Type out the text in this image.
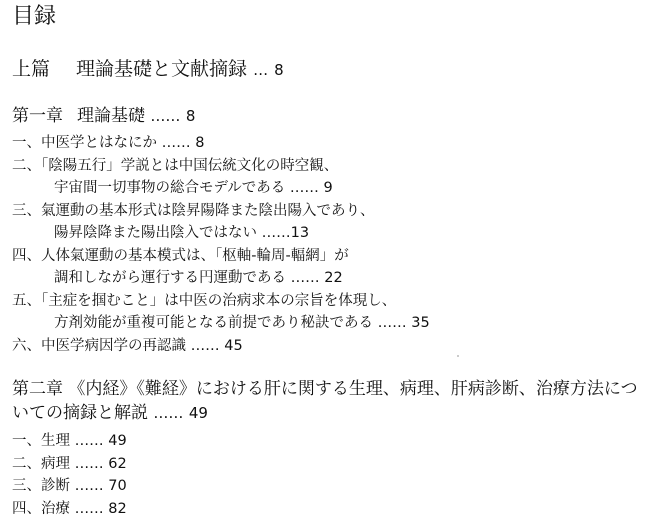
目録
上篇 理論基礎と文献摘録 … 8
第一章 理論基礎 …… 8
一、中医学とはなにか …… 8
二、「陰陽五行」学説とは中国伝統文化の時空観、
宇宙間一切事物の総合モデルである …… 9
三、氣運動の基本形式は陰昇陽降また陰出陽入であり、
陽昇陰降また陽出陰入ではない ……13
四、人体氣運動の基本模式は、「枢軸-輪周-輻網」が
調和しながら運行する円運動である …… 22
五、「主症を掴むこと」は中医の治病求本の宗旨を体現し、
方剤効能が重複可能となる前提であり秘訣である …… 35
六、中医学病因学の再認識 …… 45
第二章 《内経》《難経》における肝に関する生理、病理、肝病診断、治療方法についての摘録と解説 …… 49
一、生理 …… 49
二、病理 …… 62
三、診断 …… 70
四、治療 …… 82
